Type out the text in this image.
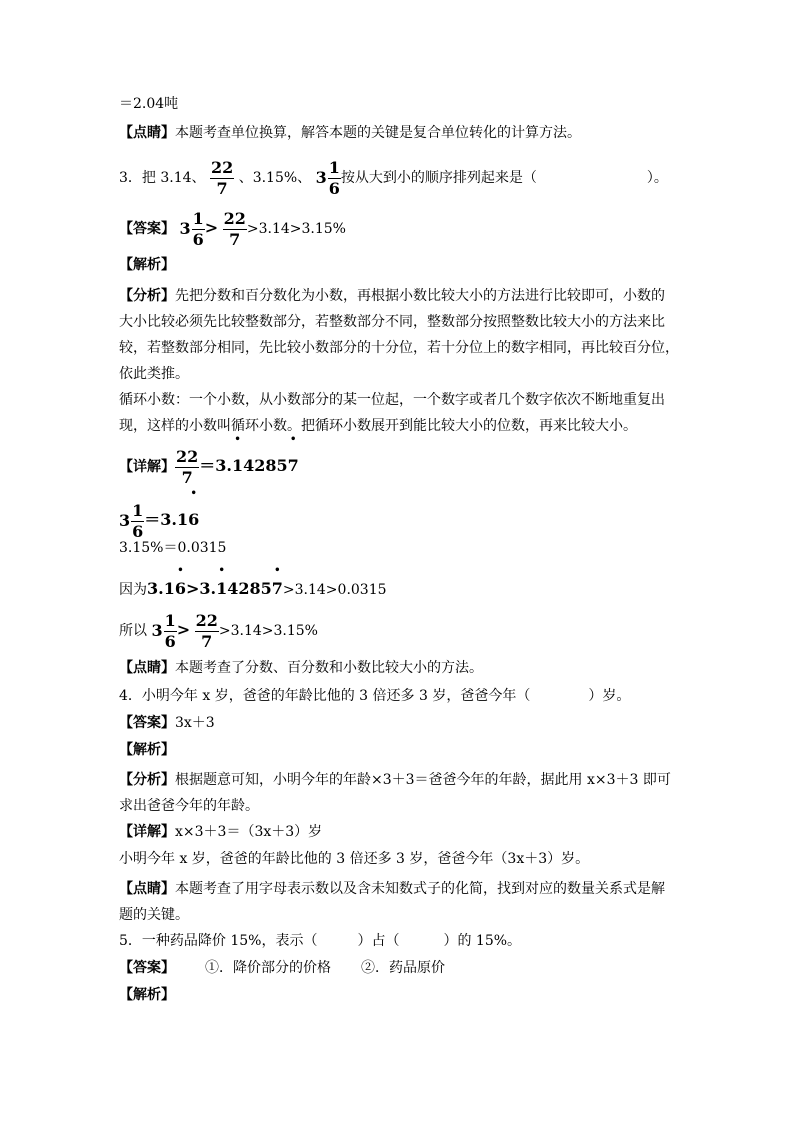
＝2.04吨
【点睛】本题考查单位换算，解答本题的关键是复合单位转化的计算方法。
3．把 3.14、 $\frac{22}{7}$ 、3.15%、 $3 \frac{1}{6}$ 按从大到小的顺序排列起来是（	）。
【答案】 $3 \frac{1}{6} > \frac{22}{7} >3.14>3.15\%$
【解析】
【分析】先把分数和百分数化为小数，再根据小数比较大小的方法进行比较即可，小数的
大小比较必须先比较整数部分，若整数部分不同，整数部分按照整数比较大小的方法来比
较，若整数部分相同，先比较小数部分的十分位，若十分位上的数字相同，再比较百分位，
依此类推。
循环小数：一个小数，从小数部分的某一位起，一个数字或者几个数字依次不断地重复出
现，这样的小数叫循环小数。把循环小数展开到能比较大小的位数，再来比较大小。
【详解】 $\frac{22}{7} =3.1$
•
42857
•
$3 \frac{1}{6} =3.16$
•
3.15%＝0.0315
因为3.16
•
>3.1
•
42857
•
>3.14>0.0315
所以 $3 \frac{1}{6} > \frac{22}{7} >3.14>3.15\%$
【点睛】本题考查了分数、百分数和小数比较大小的方法。
4．小明今年 x 岁，爸爸的年龄比他的 3 倍还多 3 岁，爸爸今年（	）岁。
【答案】3x＋3
【解析】
【分析】根据题意可知，小明今年的年龄×3＋3＝爸爸今年的年龄，据此用 x×3＋3 即可
求出爸爸今年的年龄。
【详解】x×3＋3＝（3x＋3）岁
小明今年 x 岁，爸爸的年龄比他的 3 倍还多 3 岁，爸爸今年（3x＋3）岁。
【点睛】本题考查了用字母表示数以及含未知数式子的化简，找到对应的数量关系式是解
题的关键。
5．一种药品降价 15%，表示（	）占（	）的 15%。
【答案】 ①．降价部分的价格 ②．药品原价
【解析】
